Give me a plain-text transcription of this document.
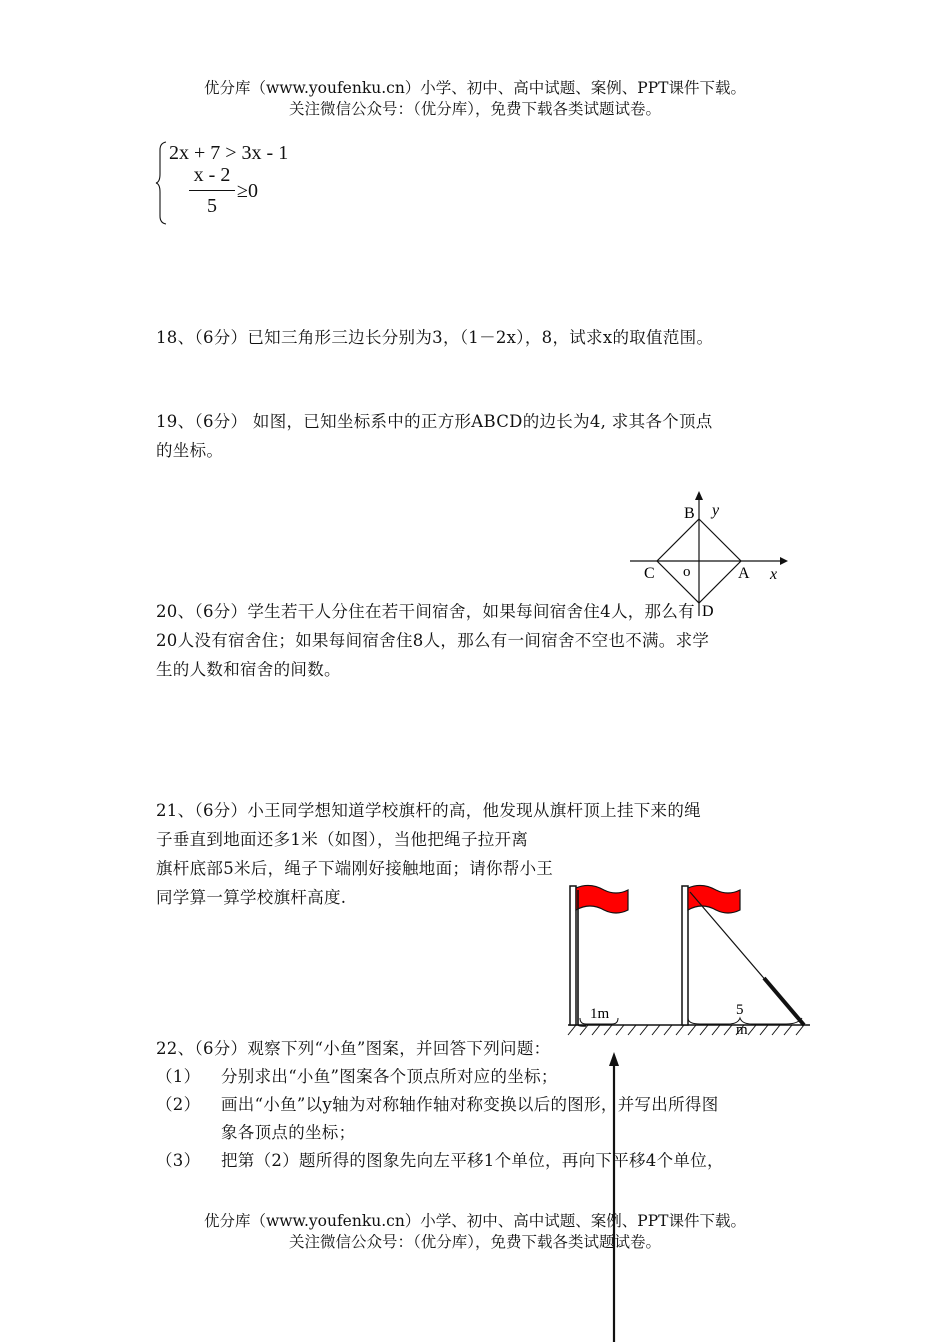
优分库（www.youfenku.cn）小学、初中、高中试题、案例、PPT课件下载。
关注微信公众号：（优分库），免费下载各类试题试卷。
2x + 7 > 3x - 1
x - 2
5
≥0
18、（6分）已知三角形三边长分别为3，（1－2x），8，试求x的取值范围。
19、（6分） 如图，已知坐标系中的正方形ABCD的边长为4, 求其各个顶点
的坐标。
B y
C o	A x
D
20、（6分）学生若干人分住在若干间宿舍，如果每间宿舍住4人，那么有
20人没有宿舍住；如果每间宿舍住8人，那么有一间宿舍不空也不满。求学
生的人数和宿舍的间数。
21、（6分）小王同学想知道学校旗杆的高，他发现从旗杆顶上挂下来的绳
子垂直到地面还多1米（如图），当他把绳子拉开离
旗杆底部5米后，绳子下端刚好接触地面；请你帮小王
同学算一算学校旗杆高度.
1m	5
m
22、（6分）观察下列“小鱼”图案，并回答下列问题：
（1） 分别求出“小鱼”图案各个顶点所对应的坐标；
（2） 画出“小鱼”以y轴为对称轴作轴对称变换以后的图形，并写出所得图
象各顶点的坐标；
（3） 把第（2）题所得的图象先向左平移1个单位，再向下平移4个单位，
优分库（www.youfenku.cn）小学、初中、高中试题、案例、PPT课件下载。
关注微信公众号：（优分库），免费下载各类试题试卷。
